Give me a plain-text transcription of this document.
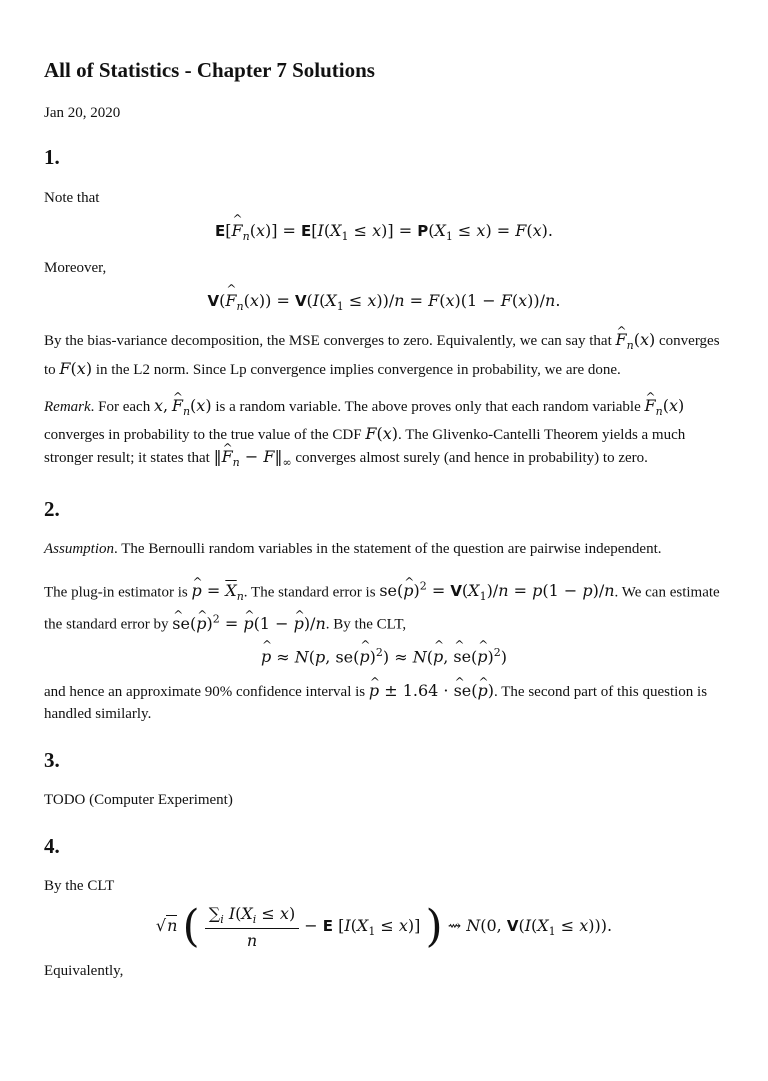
All of Statistics - Chapter 7 Solutions
Jan 20, 2020
1.

Note that

E[^ $F_n(x)] = E[I(X_1 \le x)] = P(X_1 \le x) = F(x)$.

Moreover,

V(^ $F_n(x)) = V(I(X_1 \le x))/n = F(x)(1 - F(x))/n$.

By the bias-variance decomposition, the MSE converges to zero. Equivalently, we can say that ^ $F_n(x)$ converges to F(x) in the L2 norm. Since Lp convergence implies convergence in probability, we are done.

Remark. For each x, ^ $F_n(x)$ is a random variable. The above proves only that each random variable ^ $F_n(x)$ converges in probability to the true value of the CDF F(x). The Glivenko-Cantelli Theorem yields a much stronger result; it states that ‖^ $F_n$ − $F‖_\infty$ converges almost surely (and hence in probability) to zero.

2.

Assumption. The Bernoulli random variables in the statement of the question are pairwise independent.

The plug-in estimator is ^ $p = \overline{X}_n$. The standard error is se(^ $p)^2 = V(X_1)/n = p(1 - p)/n$. We can estimate the standard error by ^ se(^ p)$^2$ = ^ p(1 − ^ p)/n. By the CLT,

^ p ≈ N(p, se(^ p)$^2$) ≈ N(^ p, ^ se(^ p)$^2$)

and hence an approximate 90% confidence interval is ^ p ± 1.64 · ^ se(^ p). The second part of this question is handled similarly.

3.

TODO (Computer Experiment)

4.

By the CLT

√n ( $\frac{\sum_i I(X_i \le x)}{n} - E$ $[I(X_1 \le x)]$ ) ⇝ N(0, $V(I(X_1 \le x))$).

Equivalently,
